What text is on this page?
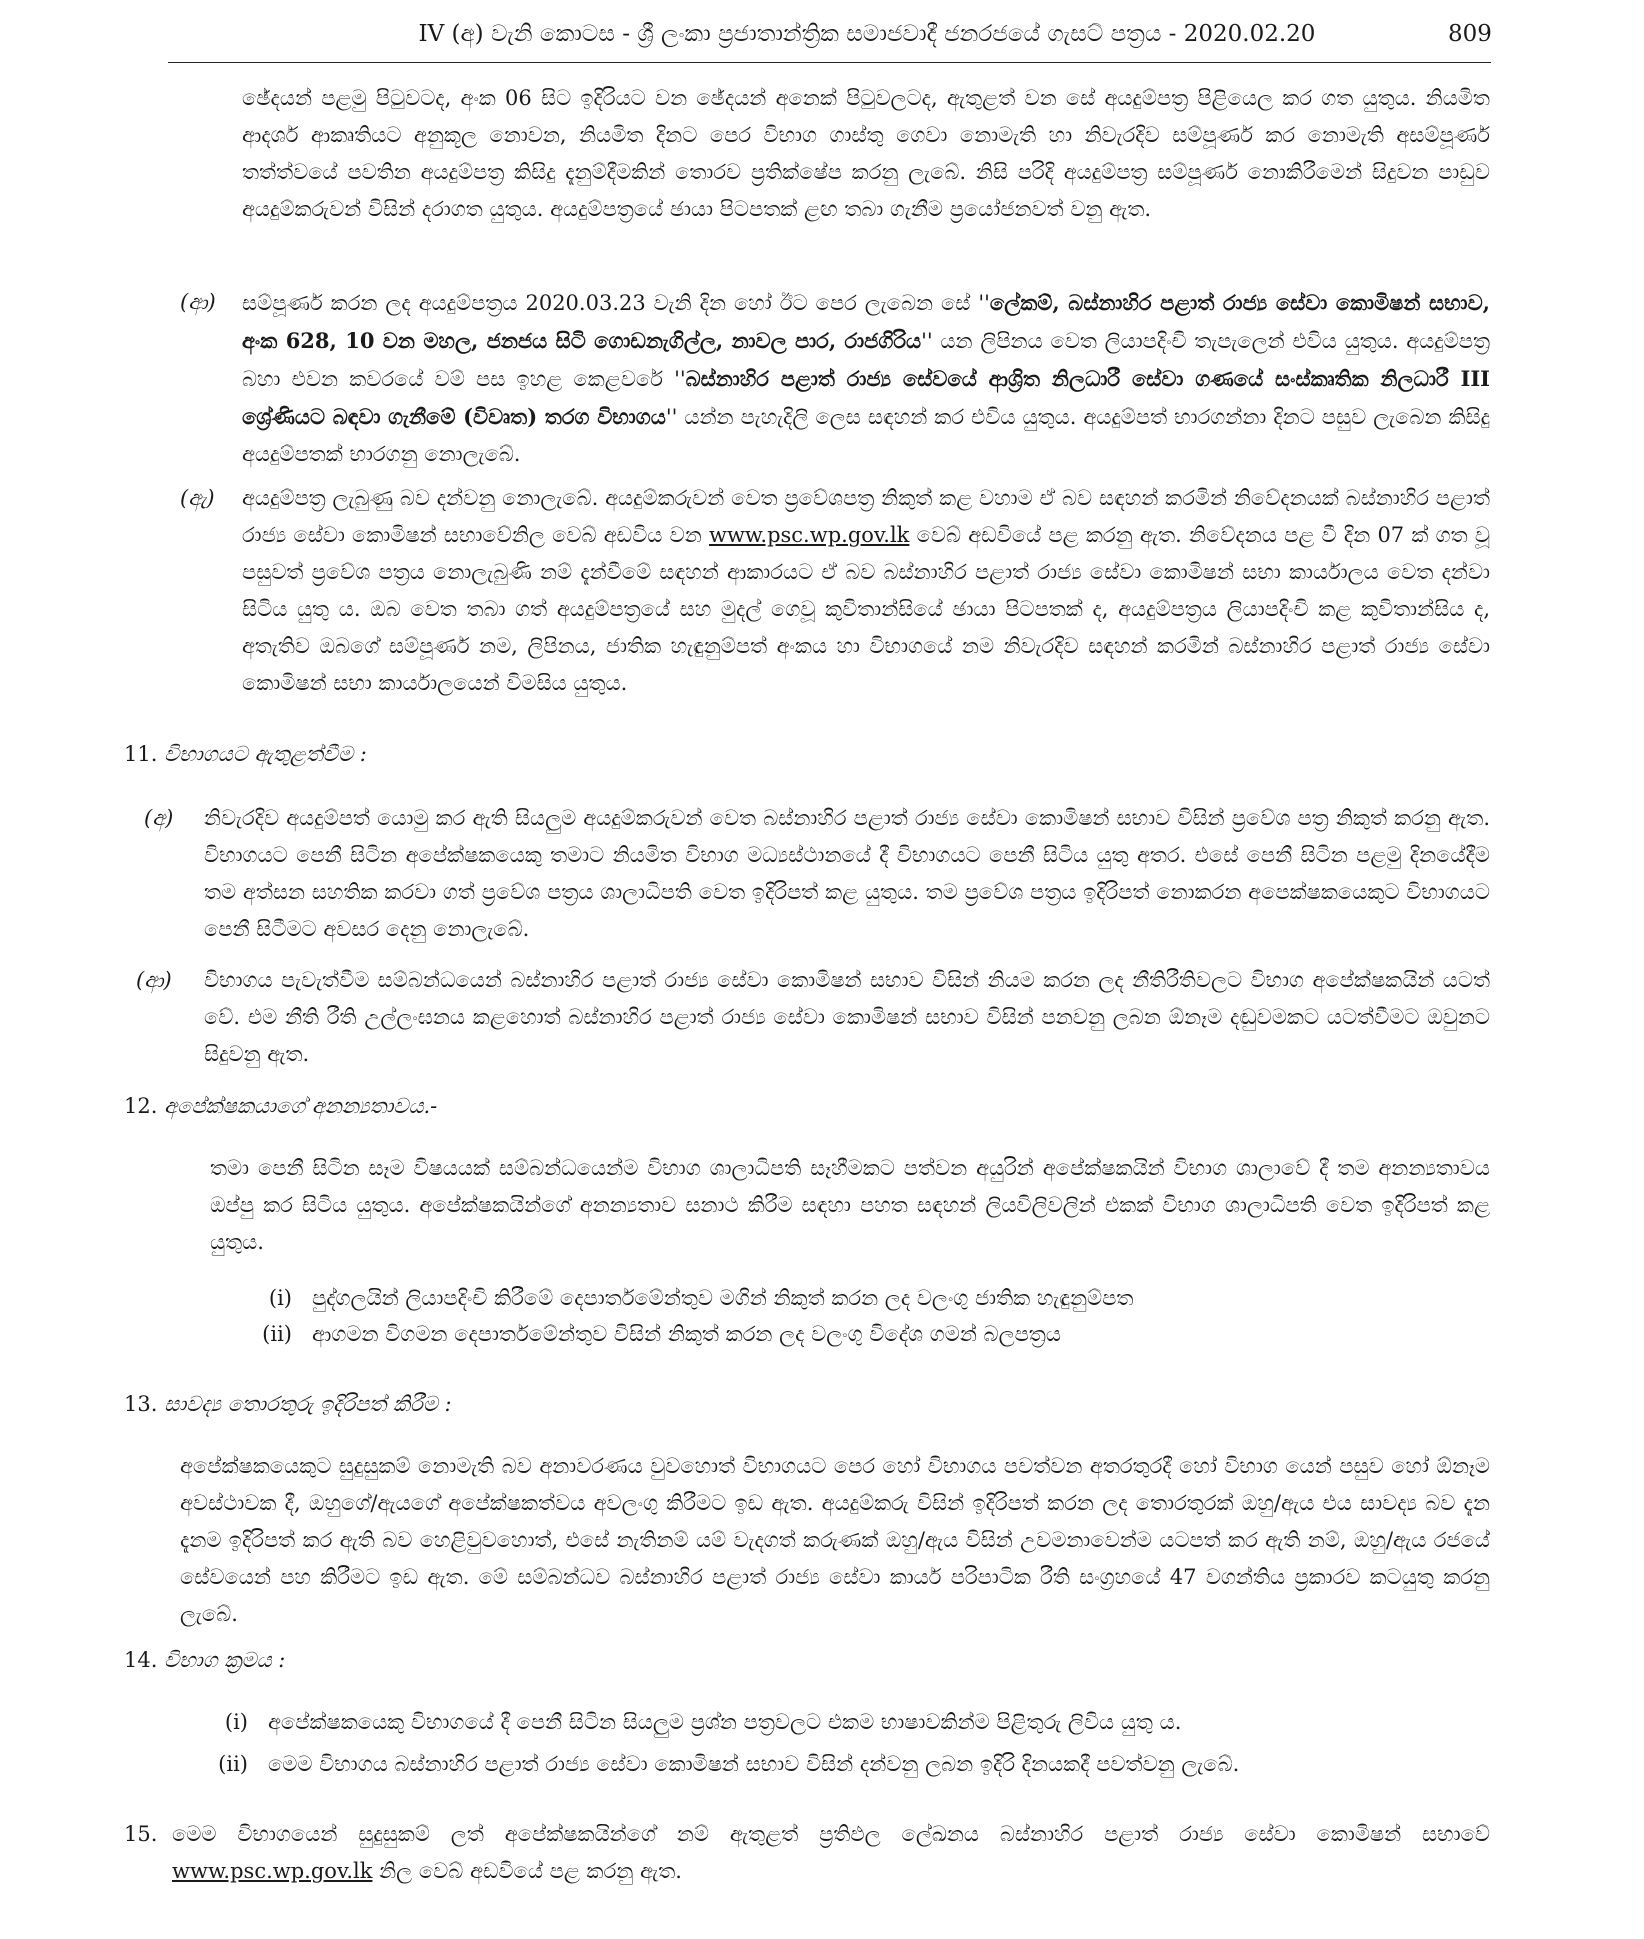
IV (අ) වැනි කොටස - ශ්‍රී ලංකා ප්‍රජාතාන්ත්‍රික සමාජවාදී ජනරජයේ ගැසට් පත්‍රය - 2020.02.20	809
ඡේදයන් පළමු පිටුවටද, අංක 06 සිට ඉදිරියට වන ඡේදයන් අනෙක් පිටුවලටද, ඇතුළත් වන සේ අයදුම්පත්‍ර පිළියෙල කර ගත යුතුය. නියමිත ආදර්ශ ආකෘතියට අනුකූල නොවන, නියමිත දිනට පෙර විභාග ගාස්තු ගෙවා නොමැති හා නිවැරදිව සම්පූර්ණ කර නොමැති අසම්පූර්ණ තත්ත්වයේ පවතින අයදුම්පත්‍ර කිසිදු දැනුම්දීමකින් තොරව ප්‍රතික්ෂේප කරනු ලැබේ. නිසි පරිදි අයදුම්පත්‍ර සම්පූර්ණ නොකිරීමෙන් සිදුවන පාඩුව අයදුම්කරුවන් විසින් දරාගත යුතුය. අයදුම්පත්‍රයේ ඡායා පිටපතක් ළඟ තබා ගැනීම ප්‍රයෝජනවත් වනු ඇත.
(ආ) සම්පූර්ණ කරන ලද අයදුම්පත්‍රය 2020.03.23 වැනි දින හෝ ඊට පෙර ලැබෙන සේ ''ලේකම්, බස්නාහිර පළාත් රාජ්‍ය සේවා කොමිෂන් සභාව, අංක 628, 10 වන මහල, ජනජය සිටි ගොඩනැගිල්ල, නාවල පාර, රාජගිරිය'' යන ලිපිනය වෙත ලියාපදිංචි තැපැලෙන් එවිය යුතුය. අයදුම්පත්‍ර බහා එවන කවරයේ වම් පස ඉහළ කෙළවරේ ''බස්නාහිර පළාත් රාජ්‍ය සේවයේ ආශ්‍රිත නිලධාරී සේවා ගණයේ සංස්කෘතික නිලධාරී III ශ්‍රේණියට බඳවා ගැනීමේ (විවෘත) තරග විභාගය'' යන්න පැහැදිලි ලෙස සඳහන් කර එවිය යුතුය. අයදුම්පත් භාරගන්නා දිනට පසුව ලැබෙන කිසිදු අයදුම්පතක් භාරගනු නොලැබේ.
(ඇ) අයදුම්පත්‍ර ලැබුණු බව දන්වනු නොලැබේ. අයදුම්කරුවන් වෙත ප්‍රවේශපත්‍ර නිකුත් කළ වහාම ඒ බව සඳහන් කරමින් නිවේදනයක් බස්නාහිර පළාත් රාජ්‍ය සේවා කොමිෂන් සභාවේනිල වෙබ් අඩවිය වන www.psc.wp.gov.lk වෙබ් අඩවියේ පළ කරනු ඇත. නිවේදනය පළ වී දින 07 ක් ගත වූ පසුවත් ප්‍රවේශ පත්‍රය නොලැබුණි නම් දැන්වීමේ සඳහන් ආකාරයට ඒ බව බස්නාහිර පළාත් රාජ්‍ය සේවා කොමිෂන් සභා කාර්යාලය වෙත දන්වා සිටිය යුතු ය. ඔබ වෙත තබා ගත් අයදුම්පත්‍රයේ සහ මුදල් ගෙවූ කුවිතාන්සියේ ඡායා පිටපතක් ද, අයදුම්පත්‍රය ලියාපදිංචි කළ කුවිතාන්සිය ද, අතැතිව ඔබගේ සම්පූර්ණ නම, ලිපිනය, ජාතික හැඳුනුම්පත් අංකය හා විභාගයේ නම නිවැරදිව සඳහන් කරමින් බස්නාහිර පළාත් රාජ්‍ය සේවා කොමිෂන් සභා කාර්යාලයෙන් විමසිය යුතුය.
11. විභාගයට ඇතුළත්වීම :
(අ) නිවැරදිව අයදුම්පත් යොමු කර ඇති සියලුම අයදුම්කරුවන් වෙත බස්නාහිර පළාත් රාජ්‍ය සේවා කොමිෂන් සභාව විසින් ප්‍රවේශ පත්‍ර නිකුත් කරනු ඇත. විභාගයට පෙනී සිටින අපේක්ෂකයෙකු තමාට නියමිත විභාග මධ්‍යස්ථානයේ දී විභාගයට පෙනී සිටිය යුතු අතර. එසේ පෙනී සිටින පළමු දිනයේදීම තම අත්සන සහතික කරවා ගත් ප්‍රවේශ පත්‍රය ශාලාධිපති වෙත ඉදිරිපත් කළ යුතුය. තම ප්‍රවේශ පත්‍රය ඉදිරිපත් නොකරන අපෙක්ෂකයෙකුට විභාගයට පෙනී සිටීමට අවසර දෙනු නොලැබේ.
(ආ) විභාගය පැවැත්වීම සම්බන්ධයෙන් බස්නාහිර පළාත් රාජ්‍ය සේවා කොමිෂන් සභාව විසින් නියම කරන ලද නීතිරීතිවලට විභාග අපේක්ෂකයින් යටත් වේ. එම නීති රීති උල්ලංඝනය කළහොත් බස්නාහිර පළාත් රාජ්‍ය සේවා කොමිෂන් සභාව විසින් පනවනු ලබන ඕනෑම දඬුවමකට යටත්වීමට ඔවුනට සිදුවනු ඇත.
12. අපේක්ෂකයාගේ අනන්‍යතාවය.-
තමා පෙනී සිටින සෑම විෂයයක් සම්බන්ධයෙන්ම විභාග ශාලාධිපති සෑහීමකට පත්වන අයුරින් අපේක්ෂකයින් විභාග ශාලාවේ දී තම අනන්‍යතාවය ඔප්පු කර සිටිය යුතුය. අපේක්ෂකයින්ගේ අනන්‍යතාව සනාථ කිරීම සඳහා පහත සඳහන් ලියවිලිවලින් එකක් විභාග ශාලාධිපති වෙත ඉදිරිපත් කළ යුතුය.
(i) පුද්ගලයින් ලියාපදිංචි කිරීමේ දෙපාර්තමේන්තුව මගින් නිකුත් කරන ලද වලංගු ජාතික හැඳුනුම්පත
(ii) ආගමන විගමන දෙපාර්තමේන්තුව විසින් නිකුත් කරන ලද වලංගු විදේශ ගමන් බලපත්‍රය
13. සාවද්‍ය තොරතුරු ඉදිරිපත් කිරීම :
අපේක්ෂකයෙකුට සුදුසුකම් නොමැති බව අනාවරණය වුවහොත් විභාගයට පෙර හෝ විභාගය පවත්වන අතරතුරදී හෝ විභාග යෙන් පසුව හෝ ඕනෑම අවස්ථාවක දී, ඔහුගේ/ඇයගේ අපේක්ෂකත්වය අවලංගු කිරීමට ඉඩ ඇත. අයදුම්කරු විසින් ඉදිරිපත් කරන ලද තොරතුරක් ඔහු/ඇය එය සාවද්‍ය බව දැන දැනම ඉදිරිපත් කර ඇති බව හෙළිවුවහොත්, එසේ නැතිනම් යම් වැදගත් කරුණක් ඔහු/ඇය විසින් උවමනාවෙන්ම යටපත් කර ඇති නම්, ඔහු/ඇය රජයේ සේවයෙන් පහ කිරීමට ඉඩ ඇත. මේ සම්බන්ධව බස්නාහිර පළාත් රාජ්‍ය සේවා කාර්ය පරිපාටික රීති සංග්‍රහයේ 47 වගන්තිය ප්‍රකාරව කටයුතු කරනු ලැබේ.
14. විභාග ක්‍රමය :
(i) අපේක්ෂකයෙකු විභාගයේ දී පෙනී සිටින සියලුම ප්‍රශ්න පත්‍රවලට එකම භාෂාවකින්ම පිළිතුරු ලිවිය යුතු ය.
(ii) මෙම විභාගය බස්නාහිර පළාත් රාජ්‍ය සේවා කොමිෂන් සභාව විසින් දන්වනු ලබන ඉදිරි දිනයකදී පවත්වනු ලැබේ.
15. මෙම විභාගයෙන් සුදුසුකම් ලත් අපේක්ෂකයින්ගේ නම් ඇතුළත් ප්‍රතිඵල ලේඛනය බස්නාහිර පළාත් රාජ්‍ය සේවා කොමිෂන් සභාවේ www.psc.wp.gov.lk නිල වෙබ් අඩවියේ පළ කරනු ඇත.
